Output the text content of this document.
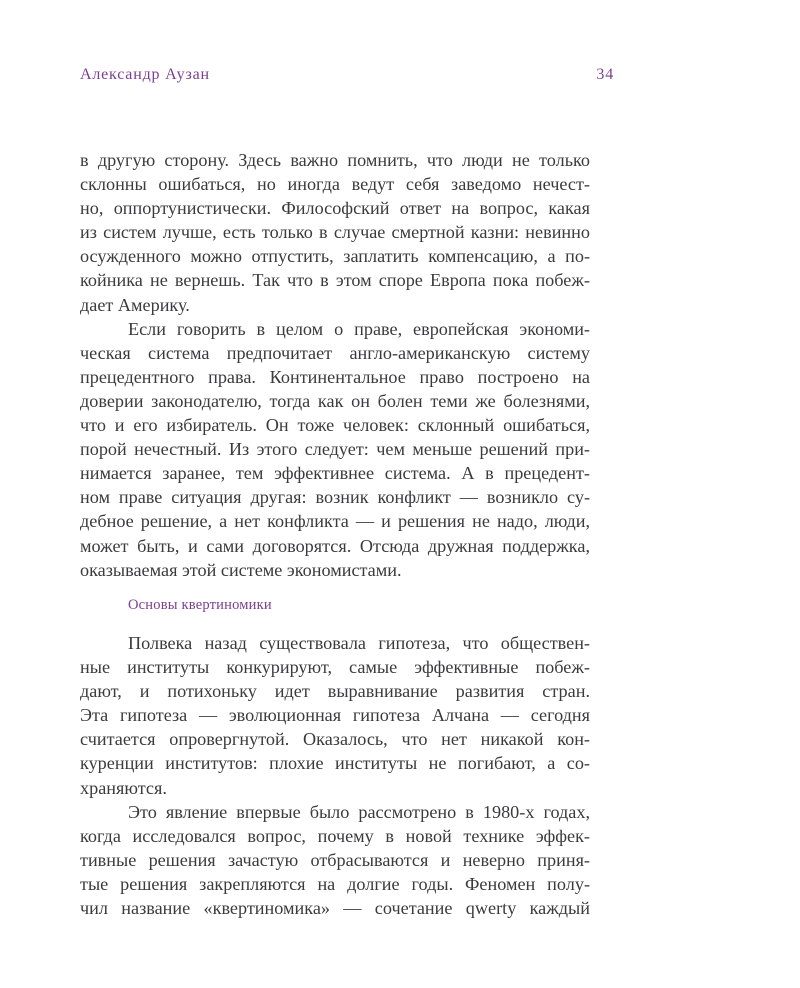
Александр Аузан	34
в другую сторону. Здесь важно помнить, что люди не только
склонны ошибаться, но иногда ведут себя заведомо нечест-
но, оппортунистически. Философский ответ на вопрос, какая
из систем лучше, есть только в случае смертной казни: невинно
осужденного можно отпустить, заплатить компенсацию, а по-
койника не вернешь. Так что в этом споре Европа пока побеж-
дает Америку.
Если говорить в целом о праве, европейская экономи-
ческая система предпочитает англо-американскую систему
прецедентного права. Континентальное право построено на
доверии законодателю, тогда как он болен теми же болезнями,
что и его избиратель. Он тоже человек: склонный ошибаться,
порой нечестный. Из этого следует: чем меньше решений при-
нимается заранее, тем эффективнее система. А в прецедент-
ном праве ситуация другая: возник конфликт — возникло су-
дебное решение, а нет конфликта — и решения не надо, люди,
может быть, и сами договорятся. Отсюда дружная поддержка,
оказываемая этой системе экономистами.
Основы квертиномики
Полвека назад существовала гипотеза, что обществен-
ные институты конкурируют, самые эффективные побеж-
дают, и потихоньку идет выравнивание развития стран.
Эта гипотеза — эволюционная гипотеза Алчана — сегодня
считается опровергнутой. Оказалось, что нет никакой кон-
куренции институтов: плохие институты не погибают, а со-
храняются.
Это явление впервые было рассмотрено в 1980-х годах,
когда исследовался вопрос, почему в новой технике эффек-
тивные решения зачастую отбрасываются и неверно приня-
тые решения закрепляются на долгие годы. Феномен полу-
чил название «квертиномика» — сочетание qwerty каждый
